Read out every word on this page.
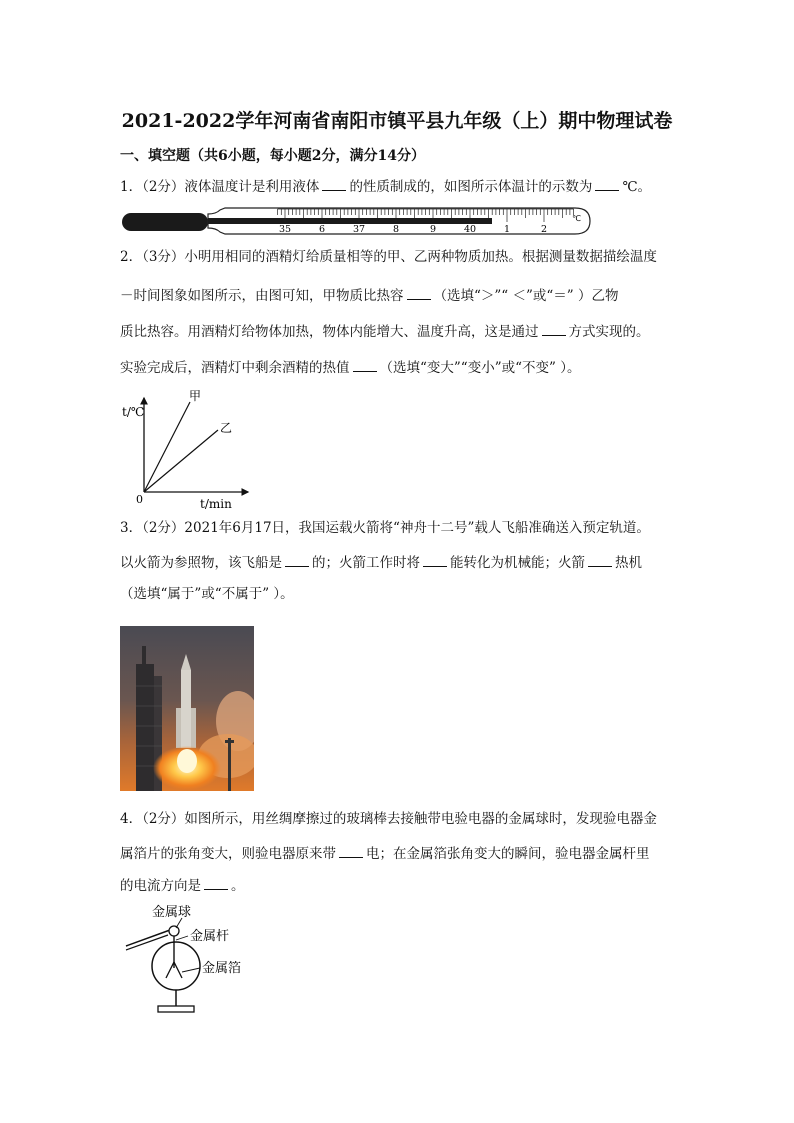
2021-2022学年河南省南阳市镇平县九年级（上）期中物理试卷
一、填空题（共6小题，每小题2分，满分14分）
1．（2分）液体温度计是利用液体 的性质制成的，如图所示体温计的示数为 ℃。
35	6	37	8	9	40	1	2
℃
2．（3分）小明用相同的酒精灯给质量相等的甲、乙两种物质加热。根据测量数据描绘温度
－时间图象如图所示，由图可知，甲物质比热容 （选填“＞”“ ＜”或“＝” ）乙物
质比热容。用酒精灯给物体加热，物体内能增大、温度升高，这是通过 方式实现的。
实验完成后，酒精灯中剩余酒精的热值 （选填“变大”“变小”或“不变” ）。
t/℃
t/min
0
甲
乙
3．（2分）2021年6月17日，我国运载火箭将“神舟十二号”载人飞船准确送入预定轨道。
以火箭为参照物，该飞船是 的；火箭工作时将 能转化为机械能；火箭 热机
（选填“属于”或“不属于” ）。
4．（2分）如图所示，用丝绸摩擦过的玻璃棒去接触带电验电器的金属球时，发现验电器金
属箔片的张角变大，则验电器原来带 电；在金属箔张角变大的瞬间，验电器金属杆里
的电流方向是 。
金属球
金属杆
金属箔
